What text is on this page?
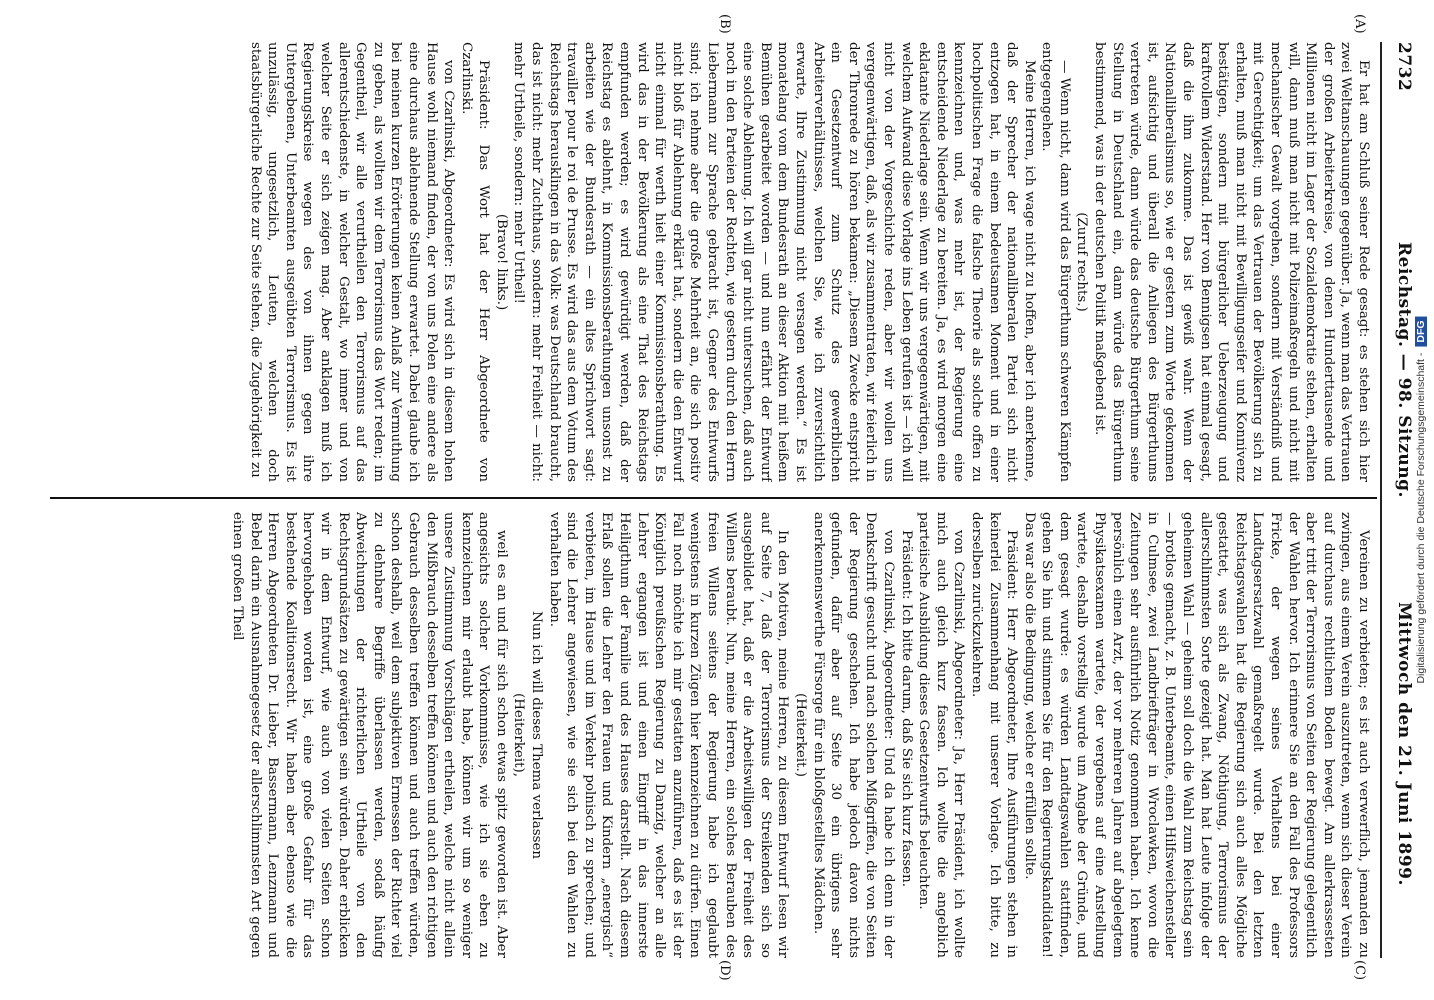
2732
Reichstag. — 98. Sitzung.
Mittwoch den 21. Juni 1899.
(A)
(B)
(C)
(D)

Er hat am Schluß seiner Rede gesagt: es stehen sich hier zwei Weltanschauungen gegenüber. Ja, wenn man das Vertrauen der großen Arbeiterkreise, von denen Hunderttausende und Millionen nicht im Lager der Sozialdemokratie stehen, erhalten will, dann muß man nicht mit Polizeimaßregeln und nicht mit mechanischer Gewalt vorgehen, sondern mit Verständniß und mit Gerechtigkeit; um das Vertrauen der Bevölkerung sich zu erhalten, muß man nicht mit Bewilligungseifer und Konnivenz bestätigen, sondern mit bürgerlicher Ueberzeugung und kraftvollem Widerstand. Herr von Bennigsen hat einmal gesagt, daß die ihm zukomme. Das ist gewiß wahr. Wenn der Nationalliberalismus so, wie er gestern zum Worte gekommen ist, aufsichtig und überall die Anliegen des Bürgerthums vertreten würde, dann würde das deutsche Bürgerthum seine Stellung in Deutschland ein, dann würde das Bürgerthum bestimmend, was in der deutschen Politik maßgebend ist.

(Zuruf rechts.)

— Wenn nicht, dann wird das Bürgerthum schweren Kämpfen entgegengehen.

Meine Herren, ich wage nicht zu hoffen, aber ich anerkenne, daß der Sprecher der nationalliberalen Partei sich nicht entzogen hat, in einem bedeutsamen Moment und in einer hochpolitischen Frage die falsche Theorie als solche offen zu kennzeichnen und, was mehr ist, der Regierung eine entscheidende Niederlage zu bereiten. Ja, es wird morgen eine eklatante Niederlage sein. Wenn wir uns vergegenwärtigen, mit welchem Aufwand diese Vorlage ins Leben gerufen ist — ich will nicht von der Vorgeschichte reden, aber wir wollen uns vergegenwärtigen, daß, als wir zusammentraten, wir feierlich in der Thronrede zu hören bekamen: „Diesem Zwecke entspricht ein Gesetzentwurf zum Schutz des gewerblichen Arbeiterverhältnisses, welchen Sie, wie ich zuversichtlich erwarte, Ihre Zustimmung nicht versagen werden.“ Es ist monatelang vom dem Bundesrath an dieser Aktion mit heißem Bemühen gearbeitet worden — und nun erfährt der Entwurf eine solche Ablehnung. Ich will gar nicht untersuchen, daß auch noch in den Parteien der Rechten, wie gestern durch den Herrn Liebermann zur Sprache gebracht ist, Gegner des Entwurfs sind; ich nehme aber die große Mehrheit an, die sich positiv nicht bloß für Ablehnung erklärt hat, sondern die den Entwurf nicht einmal für werth hielt einer Kommissionsberathung. Es wird das in der Bevölkerung als eine That des Reichstags empfunden werden; es wird gewürdigt werden, daß der Reichstag es ablehnt, in Kommissionsberathungen unsonst zu arbeiten wie der Bundesrath — ein altes Sprichwort sagt: travailler pour le roi de Prusse. Es wird das aus dem Votum des Reichstags herausklingen in das Volk: was Deutschland braucht, das ist nicht: mehr Zuchthaus, sondern: mehr Freiheit — nicht: mehr Urtheile, sondern: mehr Urtheil!

(Bravo! links.)

Präsident: Das Wort hat der Herr Abgeordnete von Czarlinski.

von Czarlinski, Abgeordneter: Es wird sich in diesem hohen Hause wohl niemand finden, der von uns Polen eine andere als eine durchaus ablehnende Stellung erwartet. Dabei glaube ich bei meinen kurzen Erörterungen keinen Anlaß zur Vermuthung zu geben, als wollten wir dem Terrorismus das Wort reden; im Gegentheil, wir alle verurtheilen den Terrorismus auf das allerentschiedenste, in welcher Gestalt, wo immer und von welcher Seite er sich zeigen mag. Aber anklagen muß ich Regierungskreise wegen des von ihnen gegen ihre Untergebenen, Unterbeamten ausgeübten Terrorismus. Es ist unzulässig, ungesetzlich, Leuten, welchen doch staatsbürgerliche Rechte zur Seite stehen, die Zugehörigkeit zu

Vereinen zu verbieten; es ist auch verwerflich, jemanden zu zwingen, aus einem Verein auszutreten, wenn sich dieser Verein auf durchaus rechtlichem Boden bewegt. Am allerkrassesten aber tritt der Terrorismus von Seiten der Regierung gelegentlich der Wahlen hervor. Ich erinnere Sie an den Fall des Professors Fricke, der wegen seines Verhaltens bei einer Landtagsersatzwahl gemaßregelt wurde. Bei den letzten Reichstagswahlen hat die Regierung sich auch alles Mögliche gestattet, was sich als Zwang, Nöthigung, Terrorismus der allerschlimmsten Sorte gezeigt hat. Man hat Leute infolge der geheimen Wahl — geheim soll doch die Wahl zum Reichstag sein — brotlos gemacht, z. B. Unterbeamte, einen Hilfsweichensteller in Culmsee, zwei Landbriefträger in Wroclawken, wovon die Zeitungen sehr ausführlich Notiz genommen haben. Ich kenne persönlich einen Arzt, der vor mehreren Jahren auf abgelegtem Physikatsexamen wartete, der vergebens auf eine Anstellung wartete, deshalb vorstellig wurde um Angabe der Gründe, und dem gesagt wurde: es würden Landtagswahlen stattfinden, gehen Sie hin und stimmen Sie für den Regierungskandidaten! Das war also die Bedingung, welche er erfüllen sollte.

Präsident: Herr Abgeordneter, Ihre Ausführungen stehen in keinerlei Zusammenhang mit unserer Vorlage. Ich bitte, zu derselben zurückzukehren.

von Czarlinski, Abgeordneter: Ja, Herr Präsident, ich wollte mich auch gleich kurz fassen. Ich wollte die angeblich parteiische Ausbildung dieses Gesetzentwurfs beleuchten.

Präsident: Ich bitte darum, daß Sie sich kurz fassen.

von Czarlinski, Abgeordneter: Und da habe ich denn in der Denkschrift gesucht und nach solchen Mißgriffen, die von Seiten der Regierung geschehen. Ich habe jedoch davon nichts gefunden, dafür aber auf Seite 30 ein übrigens sehr anerkennenswerthe Fürsorge für ein bloßgestelltes Mädchen.

(Heiterkeit.)

In den Motiven, meine Herren, zu diesem Entwurf lesen wir auf Seite 7, daß der Terrorismus der Streikenden sich so ausgebildet hat, daß er die Arbeitswilligen der Freiheit des Willens beraubt. Nun, meine Herren, ein solches Berauben des freien Willens seitens der Regierung habe ich geglaubt wenigstens in kurzen Zügen hier kennzeichnen zu dürfen. Einen Fall noch möchte ich mir gestatten anzuführen, daß es ist der Königlich preußischen Regierung zu Danzig, welcher an alle Lehrer ergangen ist und einen Eingriff in das innerste Heiligthum der Familie und des Hauses darstellt. Nach diesem Erlaß sollen die Lehrer den Frauen und Kindern „energisch“ verbieten, im Hause und im Verkehr polnisch zu sprechen; und sind die Lehrer angewiesen, wie sie sich bei den Wahlen zu verhalten haben.

Nun ich will dieses Thema verlassen

(Heiterkeit),

weil es an und für sich schon etwas spitz geworden ist. Aber angesichts solcher Vorkommnisse, wie ich sie eben zu kennzeichnen mir erlaubt habe, können wir um so weniger unsere Zustimmung Vorschlägen ertheilen, welche nicht allein den Mißbrauch desselben treffen können und auch den richtigen Gebrauch desselben treffen können und auch treffen würden, schon deshalb, weil dem subjektiven Ermessen der Richter viel zu dehnbare Begriffe überlassen werden, sodaß häufig Abweichungen der richterlichen Urtheile von den Rechtsgrundsätzen zu gewärtigen sein würden. Daher erblicken wir in dem Entwurf, wie auch von vielen Seiten schon hervorgehoben worden ist, eine große Gefahr für das bestehende Koalitionsrecht. Wir haben aber ebenso wie die Herren Abgeordneten Dr. Lieber, Bassermann, Lenzmann und Bebel darin ein Ausnahmegesetz der allerschlimmsten Art gegen einen großen Theil	Digitalisierung gefördert durch die Deutsche Forschungsgemeinschaft -DFG
